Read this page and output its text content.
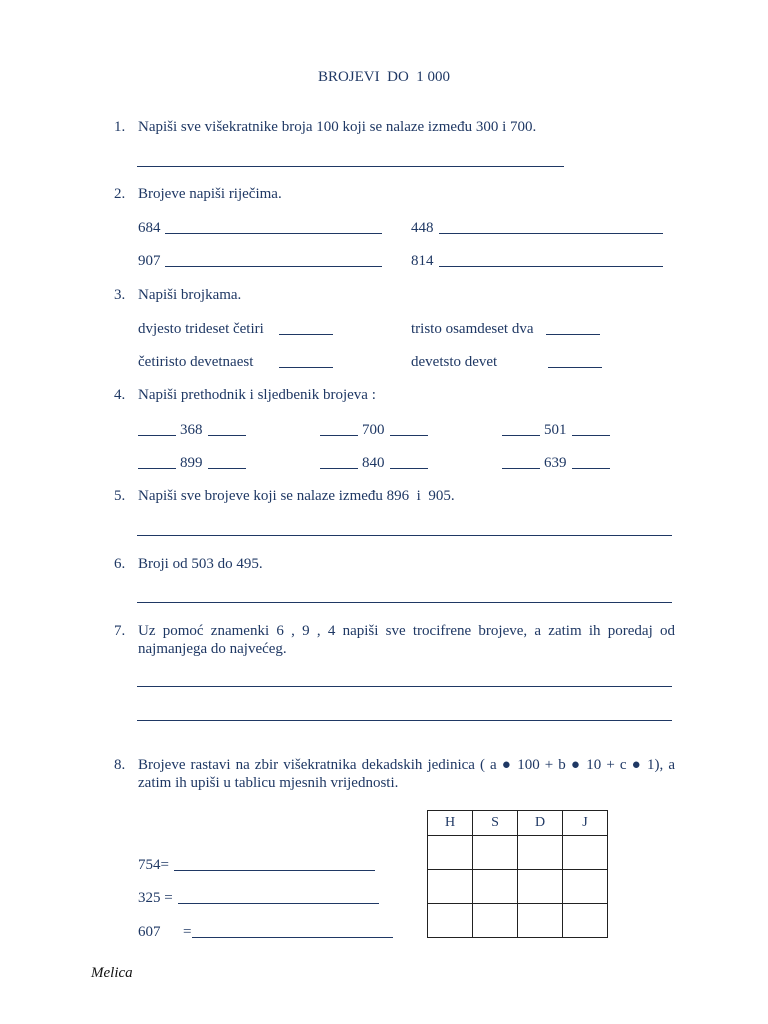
BROJEVI  DO  1 000
1. Napiši sve višekratnike broja 100 koji se nalaze između 300 i 700.
2. Brojeve napiši riječima.
684	448
907	814
3. Napiši brojkama.
dvjesto trideset četiri	tristo osamdeset dva
četiristo devetnaest	devetsto devet
4. Napiši prethodnik i sljedbenik brojeva :
368	700	501
899	840	639
5. Napiši sve brojeve koji se nalaze između 896  i  905.
6. Broji od 503 do 495.
7. Uz pomoć znamenki 6 , 9 , 4 napiši sve trocifrene brojeve, a zatim ih poredaj od najmanjega do najvećeg.
8. Brojeve rastavi na zbir višekratnika dekadskih jedinica ( a ● 100 + b ● 10 + c ● 1), a zatim ih upiši u tablicu mjesnih vrijednosti.
H	S	D	J

754=
325 =
607      =
Melica
